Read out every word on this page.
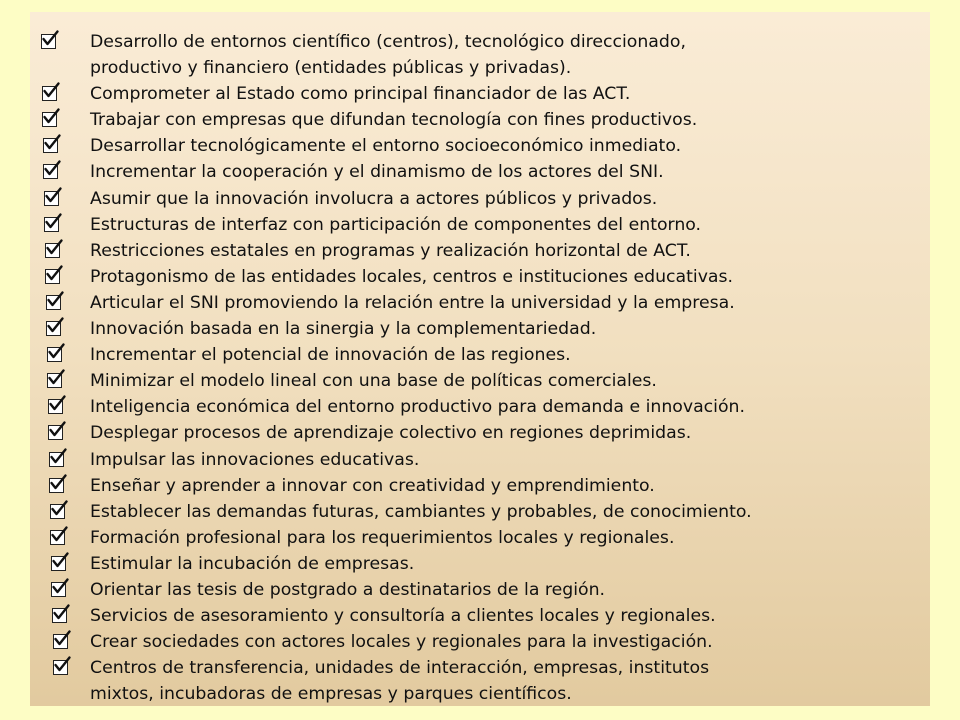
Desarrollo de entornos científico (centros), tecnológico direccionado,
productivo y financiero (entidades públicas y privadas).
Comprometer al Estado como principal financiador de las ACT.
Trabajar con empresas que difundan tecnología con fines productivos.
Desarrollar tecnológicamente el entorno socioeconómico inmediato.
Incrementar la cooperación y el dinamismo de los actores del SNI.
Asumir que la innovación involucra a actores públicos y privados.
Estructuras de interfaz con participación de componentes del entorno.
Restricciones estatales en programas y realización horizontal de ACT.
Protagonismo de las entidades locales, centros e instituciones educativas.
Articular el SNI promoviendo la relación entre la universidad y la empresa.
Innovación basada en la sinergia y la complementariedad.
Incrementar el potencial de innovación de las regiones.
Minimizar el modelo lineal con una base de políticas comerciales.
Inteligencia económica del entorno productivo para demanda e innovación.
Desplegar procesos de aprendizaje colectivo en regiones deprimidas.
Impulsar las innovaciones educativas.
Enseñar y aprender a innovar con creatividad y emprendimiento.
Establecer las demandas futuras, cambiantes y probables, de conocimiento.
Formación profesional para los requerimientos locales y regionales.
Estimular la incubación de empresas.
Orientar las tesis de postgrado a destinatarios de la región.
Servicios de asesoramiento y consultoría a clientes locales y regionales.
Crear sociedades con actores locales y regionales para la investigación.
Centros de transferencia, unidades de interacción, empresas, institutos
mixtos, incubadoras de empresas y parques científicos.
